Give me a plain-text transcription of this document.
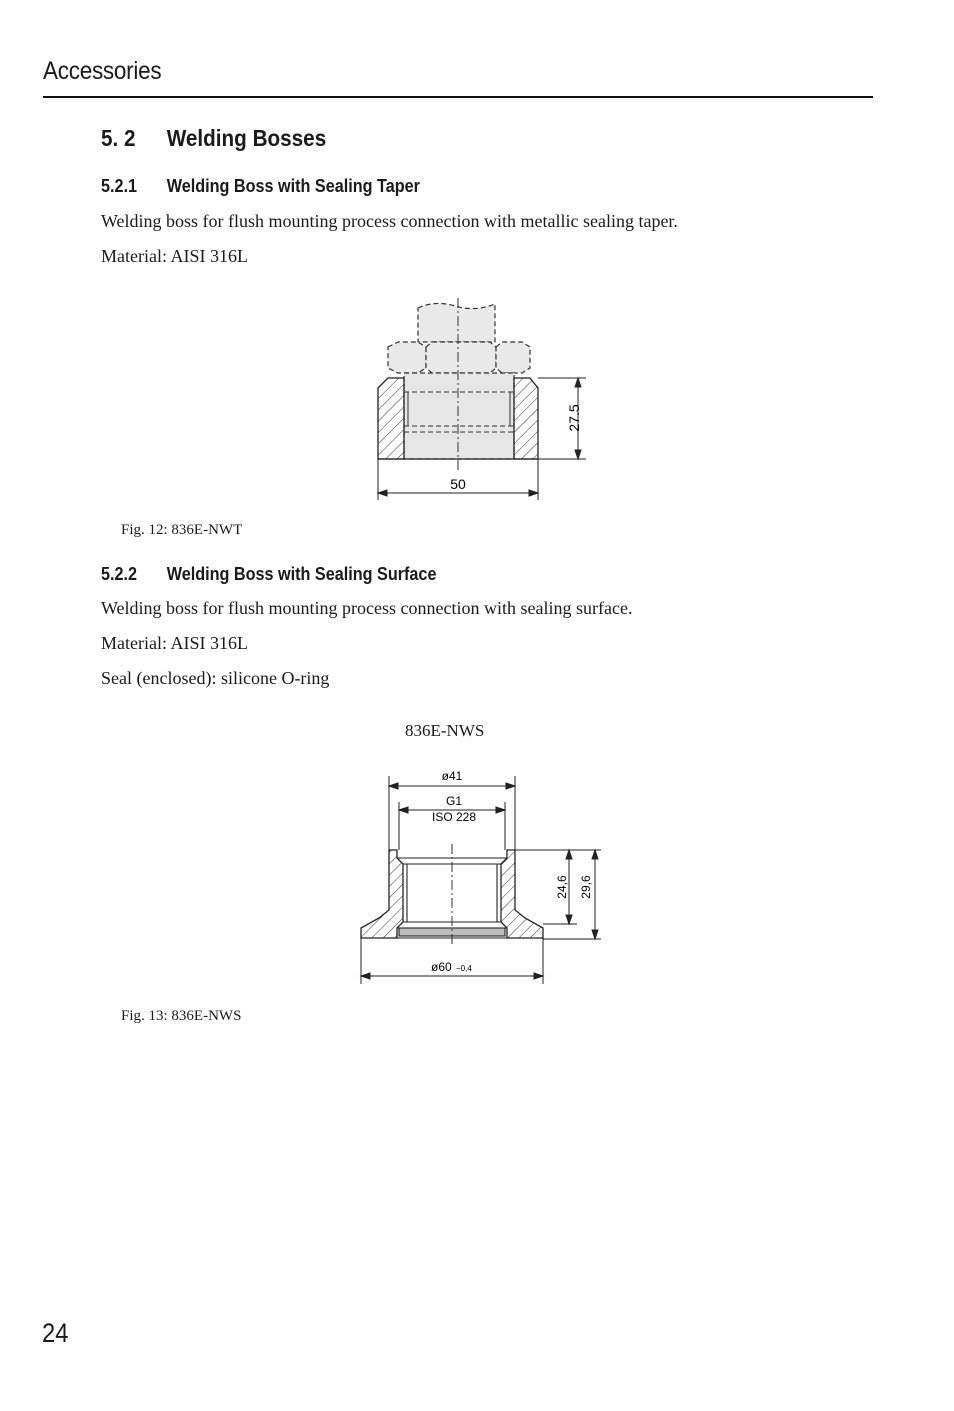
Accessories
5. 2 Welding Bosses
5.2.1 Welding Boss with Sealing Taper
Welding boss for flush mounting process connection with metallic sealing taper.
Material: AISI 316L
27.5
50
Fig. 12: 836E-NWT
5.2.2 Welding Boss with Sealing Surface
Welding boss for flush mounting process connection with sealing surface.
Material: AISI 316L
Seal (enclosed): silicone O-ring
836E-NWS
ø41
G1
ISO 228
24,6 29,6
ø60 −0,4
Fig. 13: 836E-NWS
24
